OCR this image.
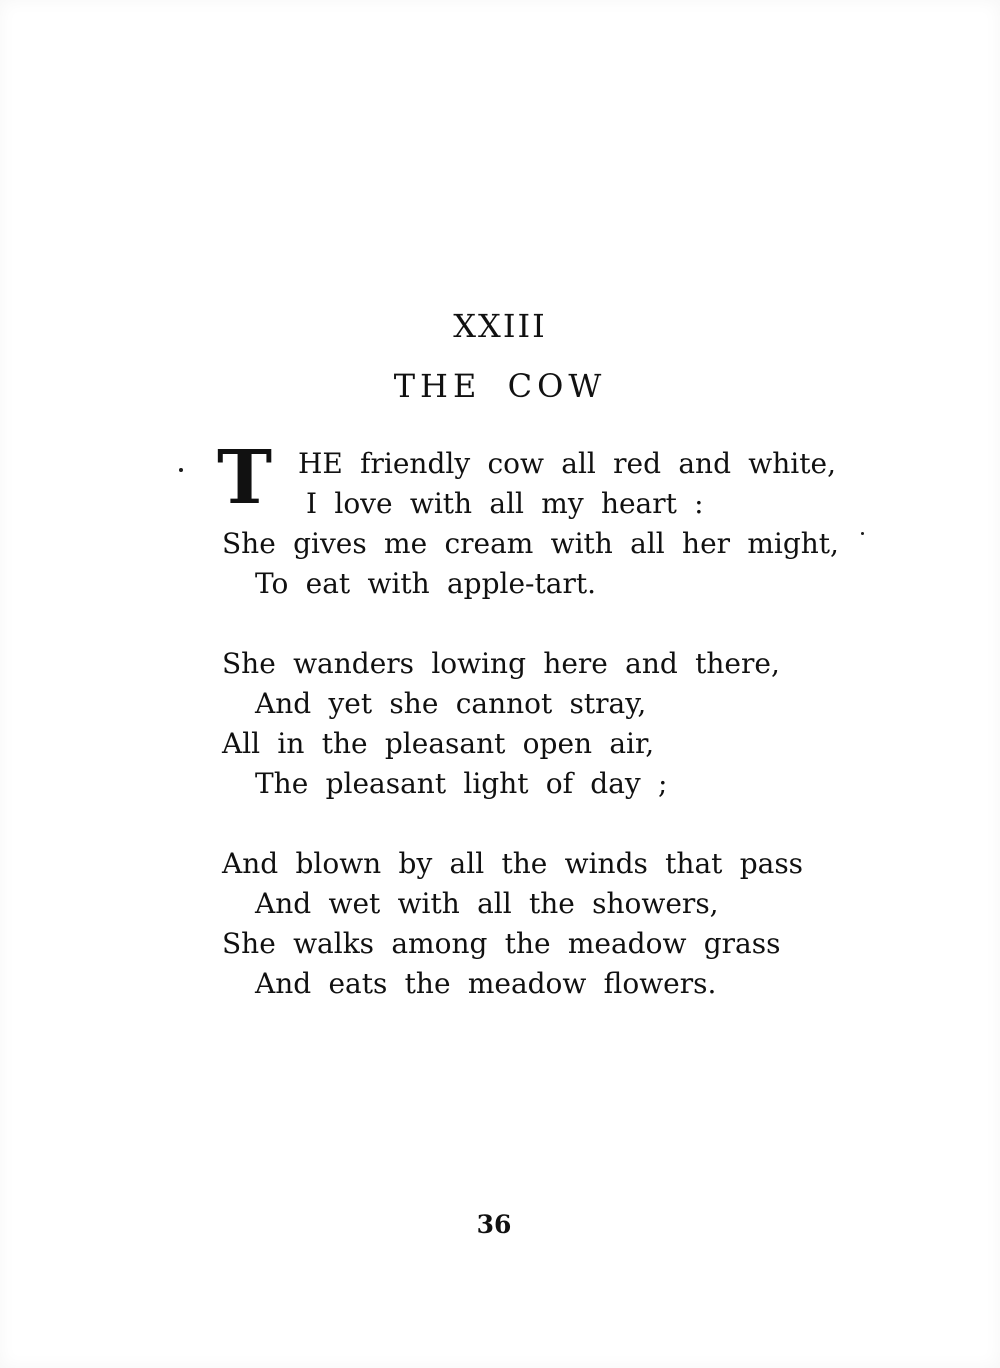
XXIII
THE COW
T HE friendly cow all red and white,
I love with all my heart :
She gives me cream with all her might,
To eat with apple-tart.
She wanders lowing here and there,
And yet she cannot stray,
All in the pleasant open air,
The pleasant light of day ;
And blown by all the winds that pass
And wet with all the showers,
She walks among the meadow grass
And eats the meadow flowers.
36
